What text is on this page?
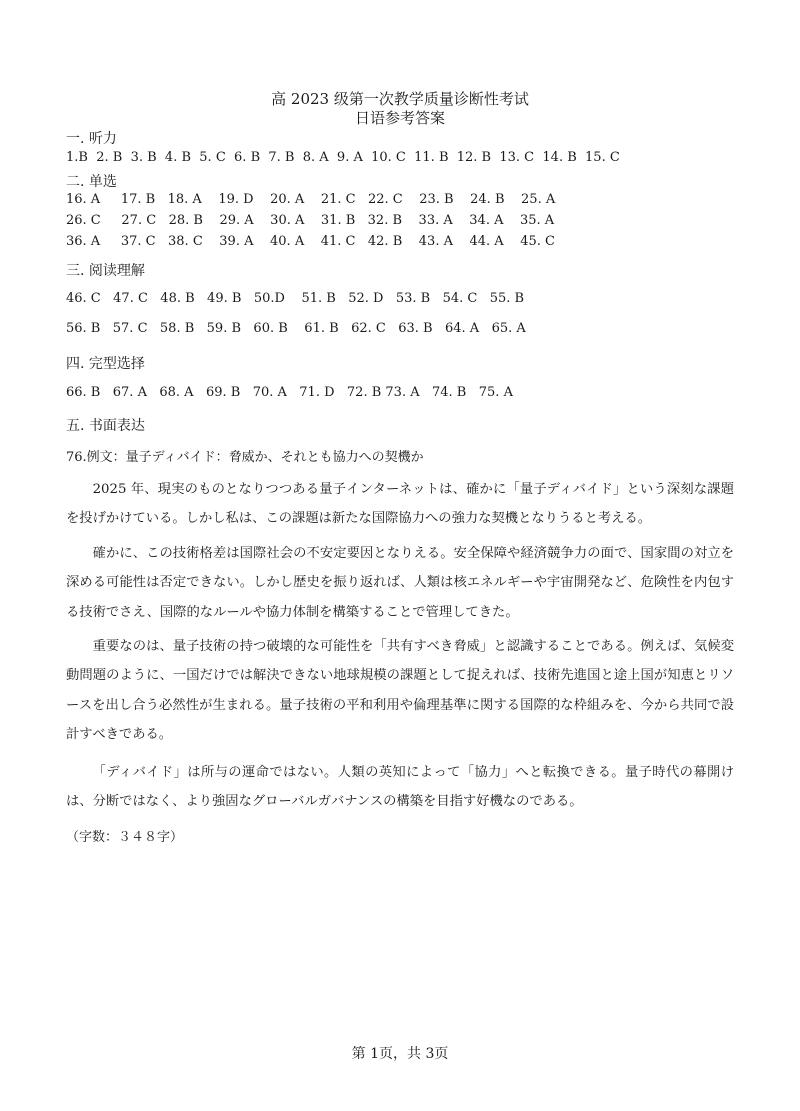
高 2023 级第一次教学质量诊断性考试
日语参考答案
一. 听力
1.B  2. B  3. B  4. B  5. C  6. B  7. B  8. A  9. A  10. C  11. B  12. B  13. C  14. B  15. C
二. 单选
16. A     17. B   18. A    19. D    20. A    21. C   22. C    23. B    24. B    25. A
26. C     27. C   28. B    29. A    30. A    31. B   32. B    33. A    34. A    35. A
36. A     37. C   38. C    39. A    40. A    41. C   42. B    43. A    44. A    45. C
三. 阅读理解
46. C   47. C   48. B   49. B   50.D    51. B   52. D   53. B   54. C   55. B
56. B   57. C   58. B   59. B   60. B    61. B   62. C   63. B   64. A   65. A
四. 完型选择
66. B   67. A   68. A   69. B   70. A   71. D   72. B 73. A   74. B   75. A
五. 书面表达
76.例文：量子ディバイド：脅威か、それとも協力への契機か
2025 年、現実のものとなりつつある量子インターネットは、確かに「量子ディバイド」という深刻な課題を投げかけている。しかし私は、この課題は新たな国際協力への強力な契機となりうると考える。
確かに、この技術格差は国際社会の不安定要因となりえる。安全保障や経済競争力の面で、国家間の対立を深める可能性は否定できない。しかし歴史を振り返れば、人類は核エネルギーや宇宙開発など、危険性を内包する技術でさえ、国際的なルールや協力体制を構築することで管理してきた。
重要なのは、量子技術の持つ破壊的な可能性を「共有すべき脅威」と認識することである。例えば、気候変動問題のように、一国だけでは解決できない地球規模の課題として捉えれば、技術先進国と途上国が知恵とリソースを出し合う必然性が生まれる。量子技術の平和利用や倫理基準に関する国際的な枠組みを、今から共同で設計すべきである。
「ディバイド」は所与の運命ではない。人類の英知によって「協力」へと転換できる。量子時代の幕開けは、分断ではなく、より強固なグローバルガバナンスの構築を目指す好機なのである。
（字数：３４８字）
第 1页，共 3页
